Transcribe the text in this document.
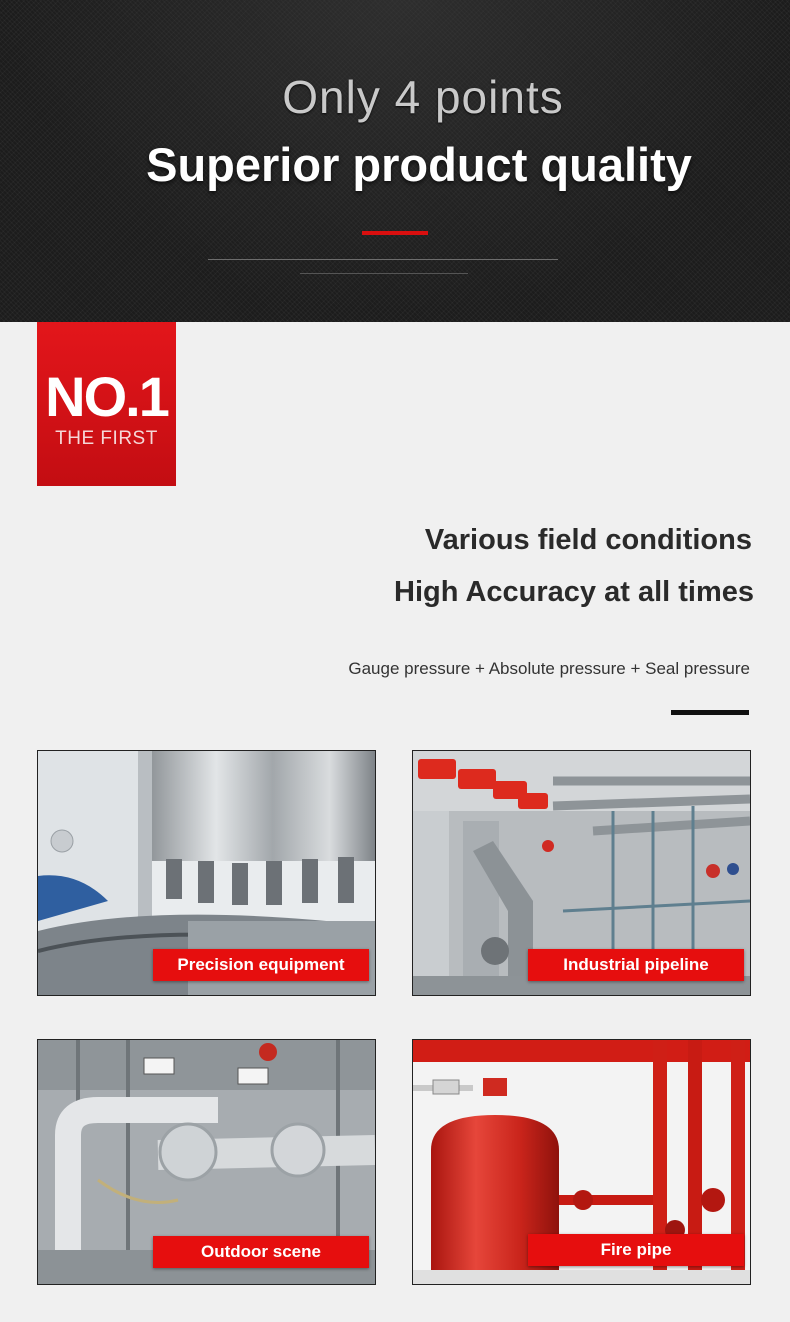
Only 4 points
Superior product quality
NO.1
THE FIRST
Various field conditions
High Accuracy at all times
Gauge pressure + Absolute pressure + Seal pressure
Precision equipment	Industrial pipeline
Outdoor scene	Fire pipe
